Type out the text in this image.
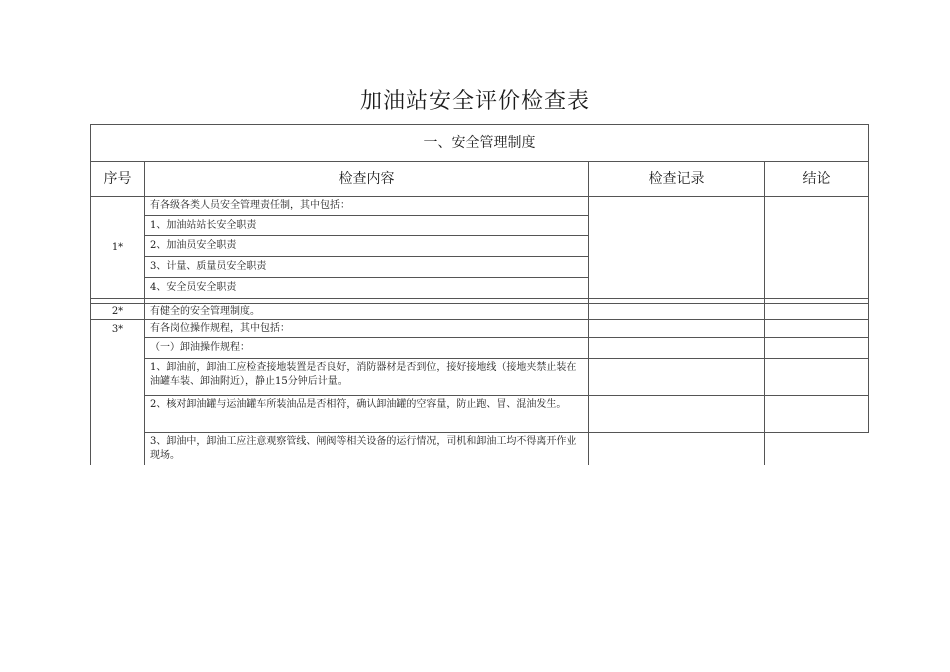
加油站安全评价检查表
一、安全管理制度			
序号	检查内容	检查记录	结论
1*	有各级各类人员安全管理责任制，其中包括：		
	1、加油站站长安全职责		
	2、加油员安全职责		
	3、计量、质量员安全职责		
	4、安全员安全职责		

2*	有健全的安全管理制度。		
3*	有各岗位操作规程，其中包括：		
	（一）卸油操作规程：		
	1、卸油前，卸油工应检查接地装置是否良好，消防器材是否到位，接好接地线（接地夹禁止装在油罐车装、卸油附近），静止15分钟后计量。		
	2、核对卸油罐与运油罐车所装油品是否相符，确认卸油罐的空容量，防止跑、冒、混油发生。		
	3、卸油中，卸油工应注意观察管线、闸阀等相关设备的运行情况，司机和卸油工均不得离开作业现场。		
